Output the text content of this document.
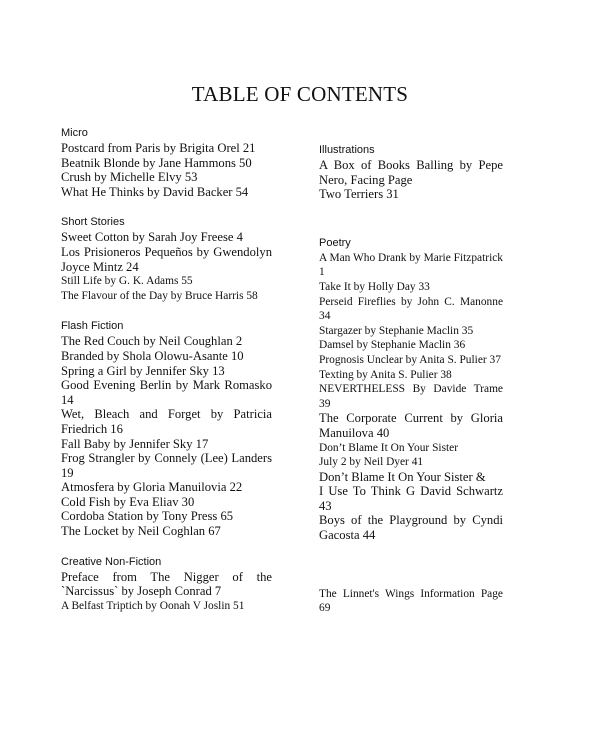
TABLE OF CONTENTS
Micro
Postcard from Paris by Brigita Orel 21
Beatnik Blonde by Jane Hammons 50
Crush by Michelle Elvy 53
What He Thinks by David Backer 54
Short Stories
Sweet Cotton by Sarah Joy Freese 4
Los Prisioneros Pequeños by Gwendolyn Joyce Mintz 24
Still Life by G. K. Adams 55
The Flavour of the Day by Bruce Harris 58
Flash Fiction
The Red Couch by Neil Coughlan 2
Branded by Shola Olowu-Asante 10
Spring a Girl by Jennifer Sky 13
Good Evening Berlin by Mark Romasko 14
Wet, Bleach and Forget by Patricia Friedrich 16
Fall Baby by Jennifer Sky 17
Frog Strangler by Connely (Lee) Landers 19
Atmosfera by Gloria Manuilovia 22
Cold Fish by Eva Eliav 30
Cordoba Station by Tony Press 65
The Locket by Neil Coghlan 67
Creative Non-Fiction
Preface from The Nigger of the `Narcissus` by Joseph Conrad 7
A Belfast Triptich by Oonah V Joslin 51
Illustrations
A Box of Books Balling by Pepe Nero, Facing Page
Two Terriers 31
Poetry
A Man Who Drank by Marie Fitzpatrick 1
Take It by Holly Day 33
Perseid Fireflies by John C. Manonne 34
Stargazer by Stephanie Maclin 35
Damsel by Stephanie Maclin 36
Prognosis Unclear by Anita S. Pulier 37
Texting by Anita S. Pulier 38
NEVERTHELESS By Davide Trame 39
The Corporate Current by Gloria Manuilova 40
Don’t Blame It On Your Sister
July 2 by Neil Dyer 41
Don’t Blame It On Your Sister &
I Use To Think G David Schwartz 43
Boys of the Playground by Cyndi Gacosta 44
The Linnet's Wings Information Page 69
